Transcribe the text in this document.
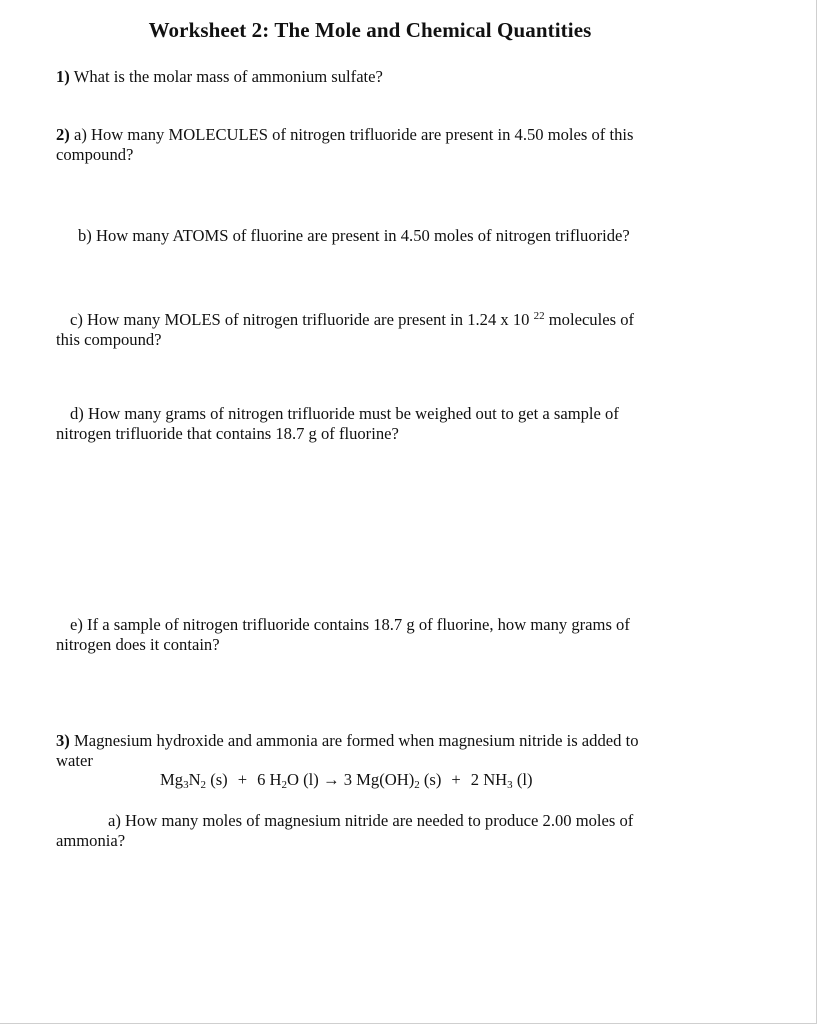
Worksheet 2: The Mole and Chemical Quantities

1) What is the molar mass of ammonium sulfate?

2) a) How many MOLECULES of nitrogen trifluoride are present in 4.50 moles of this
compound?

b) How many ATOMS of fluorine are present in 4.50 moles of nitrogen trifluoride?

c) How many MOLES of nitrogen trifluoride are present in 1.24 x 10 $^{22}$ molecules of
this compound?

d) How many grams of nitrogen trifluoride must be weighed out to get a sample of
nitrogen trifluoride that contains 18.7 g of fluorine?

e) If a sample of nitrogen trifluoride contains 18.7 g of fluorine, how many grams of
nitrogen does it contain?

3) Magnesium hydroxide and ammonia are formed when magnesium nitride is added to
water

$Mg_3N_2$ (s) + 6 $H_2O$ (l) → 3 $Mg(OH)_2$ (s) + 2 $NH_3$ (l)

a) How many moles of magnesium nitride are needed to produce 2.00 moles of
ammonia?
